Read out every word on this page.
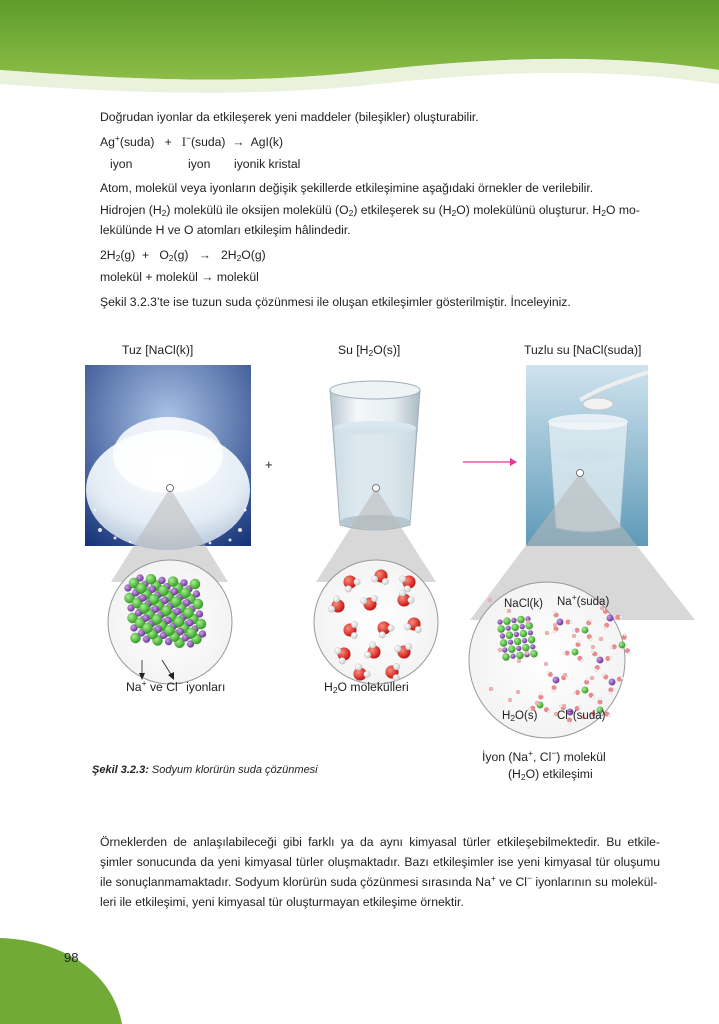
Doğrudan iyonlar da etkileşerek yeni maddeler (bileşikler) oluşturabilir.
Ag+(suda) + I−(suda) → AgI(k)
iyon	iyon iyonik kristal
Atom, molekül veya iyonların değişik şekillerde etkileşimine aşağıdaki örnekler de verilebilir.
Hidrojen $(H_2)$ molekülü ile oksijen molekülü $(O_2)$ etkileşerek su $(H_2O)$ molekülünü oluşturur. $H_2O$ mo-
lekülünde H ve O atomları etkileşim hâlindedir.
$2H_2(g) + O_2(g) \to 2H_2O(g)$
molekül + molekül → molekül
Şekil 3.2.3’te ise tuzun suda çözünmesi ile oluşan etkileşimler gösterilmiştir. İnceleyiniz.
Tuz [NaCl(k)]	Su $[H_2O(s)]$	Tuzlu su [NaCl(suda)]
+
Na+ ve Cl− iyonları	$H_2O$ molekülleri
NaCl(k) Na+(suda)
$H_2O(s)$ Cl−(suda)
İyon (Na+, Cl−) molekül
$(H_2O)$ etkileşimi
Şekil 3.2.3: Sodyum klorürün suda çözünmesi
Örneklerden de anlaşılabileceği gibi farklı ya da aynı kimyasal türler etkileşebilmektedir. Bu etkile-
şimler sonucunda da yeni kimyasal türler oluşmaktadır. Bazı etkileşimler ise yeni kimyasal tür oluşumu
ile sonuçlanmamaktadır. Sodyum klorürün suda çözünmesi sırasında Na+ ve Cl− iyonlarının su molekül-
leri ile etkileşimi, yeni kimyasal tür oluşturmayan etkileşime örnektir.
98
